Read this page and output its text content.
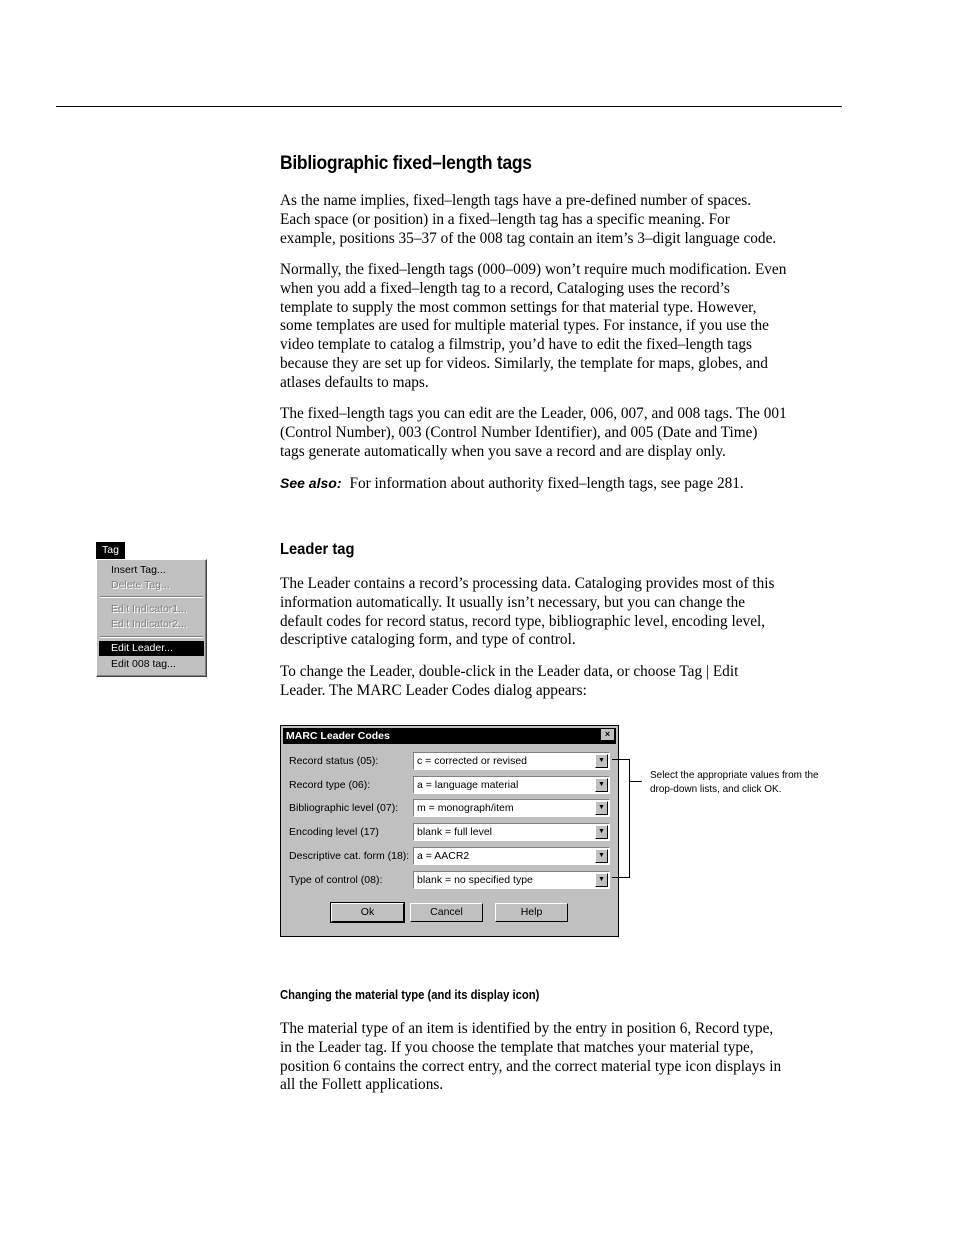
Bibliographic fixed–length tags
As the name implies, fixed–length tags have a pre-defined number of spaces.
Each space (or position) in a fixed–length tag has a specific meaning. For
example, positions 35–37 of the 008 tag contain an item’s 3–digit language code.
Normally, the fixed–length tags (000–009) won’t require much modification. Even
when you add a fixed–length tag to a record, Cataloging uses the record’s
template to supply the most common settings for that material type. However,
some templates are used for multiple material types. For instance, if you use the
video template to catalog a filmstrip, you’d have to edit the fixed–length tags
because they are set up for videos. Similarly, the template for maps, globes, and
atlases defaults to maps.
The fixed–length tags you can edit are the Leader, 006, 007, and 008 tags. The 001
(Control Number), 003 (Control Number Identifier), and 005 (Date and Time)
tags generate automatically when you save a record and are display only.
See also: For information about authority fixed–length tags, see page 281.
Tag
Insert Tag...
Delete Tag...
Edit Indicator1...
Edit Indicator2...
Edit Leader...
Edit 008 tag...
Leader tag
The Leader contains a record’s processing data. Cataloging provides most of this
information automatically. It usually isn’t necessary, but you can change the
default codes for record status, record type, bibliographic level, encoding level,
descriptive cataloging form, and type of control.
To change the Leader, double-click in the Leader data, or choose Tag | Edit
Leader. The MARC Leader Codes dialog appears:
MARC Leader Codes	×
Record status (05):	c = corrected or revised	▼
Record type (06):	a = language material	▼
Bibliographic level (07): m = monograph/item	▼
Encoding level (17)	blank = full level	▼
Descriptive cat. form (18): a = AACR2	▼
Type of control (08):	blank = no specified type	▼
Ok	Cancel	Help
Select the appropriate values from the drop-down lists, and click OK.
Changing the material type (and its display icon)
The material type of an item is identified by the entry in position 6, Record type,
in the Leader tag. If you choose the template that matches your material type,
position 6 contains the correct entry, and the correct material type icon displays in
all the Follett applications.
